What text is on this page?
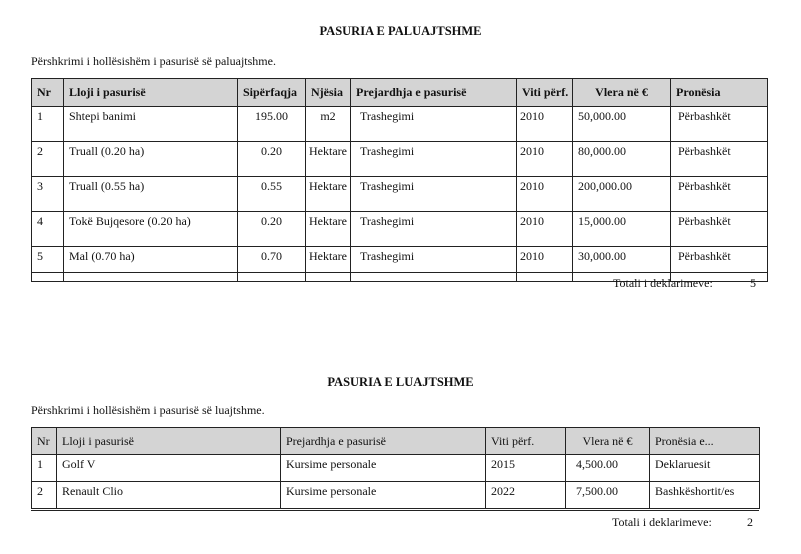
PASURIA E PALUAJTSHME
Përshkrimi i hollësishëm i pasurisë së paluajtshme.
Nr	Lloji i pasurisë	Sipërfaqja	Njësia	Prejardhja e pasurisë	Viti përf.	Vlera në €	Pronësia
1	Shtepi banimi	195.00	m2	Trashegimi	2010	50,000.00	Përbashkët
2	Truall (0.20 ha)	0.20	Hektare	Trashegimi	2010	80,000.00	Përbashkët
3	Truall (0.55 ha)	0.55	Hektare	Trashegimi	2010	200,000.00	Përbashkët
4	Tokë Bujqesore (0.20 ha)	0.20	Hektare	Trashegimi	2010	15,000.00	Përbashkët
5	Mal (0.70 ha)	0.70	Hektare	Trashegimi	2010	30,000.00	Përbashkët
Totali i deklarimeve:	5
PASURIA E LUAJTSHME
Përshkrimi i hollësishëm i pasurisë së luajtshme.
Nr	Lloji i pasurisë	Prejardhja e pasurisë	Viti përf.	Vlera në €	Pronësia e...
1	Golf V	Kursime personale	2015	4,500.00	Deklaruesit
2	Renault Clio	Kursime personale	2022	7,500.00	Bashkëshortit/es
Totali i deklarimeve:	2
